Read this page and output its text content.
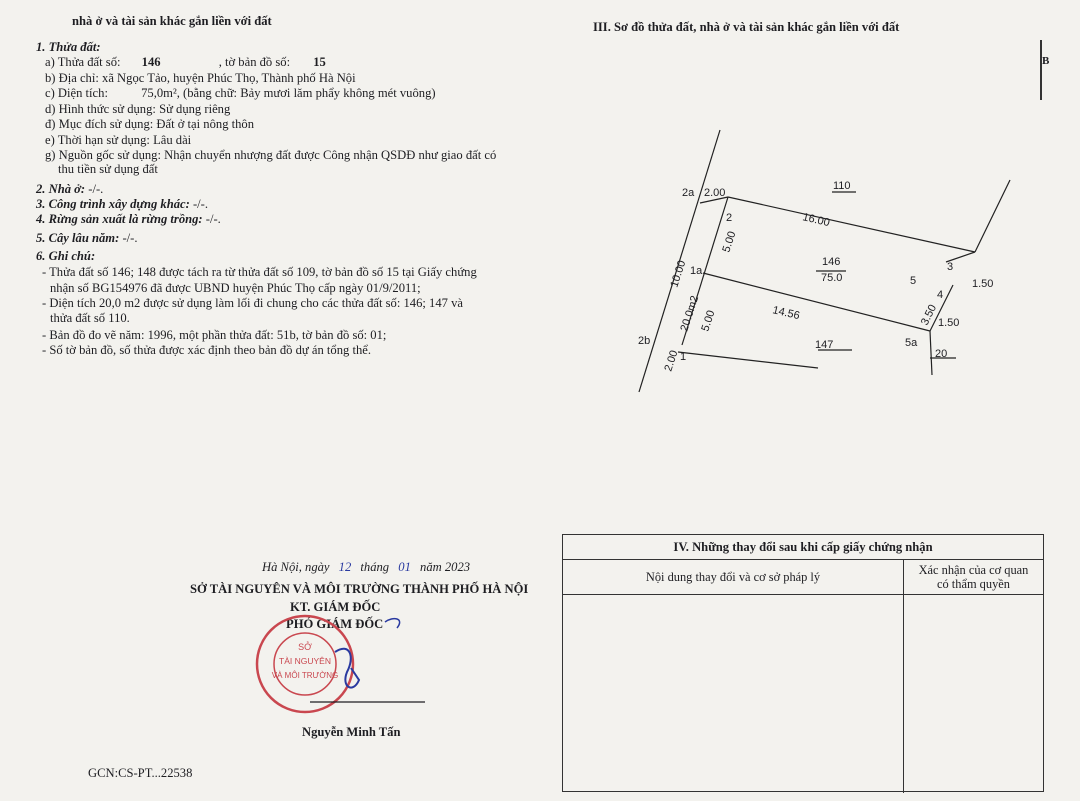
nhà ở và tài sản khác gắn liền với đất
1. Thửa đất:
a) Thửa đất số: 146	, tờ bản đồ số: 15
b) Địa chỉ: xã Ngọc Tảo, huyện Phúc Thọ, Thành phố Hà Nội
c) Diện tích:	75,0m², (bằng chữ: Bảy mươi lăm phẩy không mét vuông)
d) Hình thức sử dụng: Sử dụng riêng
đ) Mục đích sử dụng: Đất ở tại nông thôn
e) Thời hạn sử dụng: Lâu dài
g) Nguồn gốc sử dụng: Nhận chuyển nhượng đất được Công nhận QSDĐ như giao đất có
thu tiền sử dụng đất
2. Nhà ở: -/-.
3. Công trình xây dựng khác: -/-.
4. Rừng sản xuất là rừng trồng: -/-.
5. Cây lâu năm: -/-.
6. Ghi chú:
- Thửa đất số 146; 148 được tách ra từ thửa đất số 109, tờ bản đồ số 15 tại Giấy chứng
nhận số BG154976 đã được UBND huyện Phúc Thọ cấp ngày 01/9/2011;
- Diện tích 20,0 m2 được sử dụng làm lối đi chung cho các thửa đất số: 146; 147 và
thửa đất số 110.
- Bản đồ đo vẽ năm: 1996, một phần thửa đất: 51b, tờ bản đồ số: 01;
- Số tờ bản đồ, số thửa được xác định theo bản đồ dự án tổng thể.
III. Sơ đồ thửa đất, nhà ở và tài sản khác gắn liền với đất
B
110
146
75.0
147
20
2a
2
3
1a
4
5
2b
1
5a
2.00
16.00
5.00
1.50
10.00
20.0m2
5.00	14.56	3.50
1.50
2.00
Hà Nội, ngày 12 tháng 01 năm 2023
SỞ TÀI NGUYÊN VÀ MÔI TRƯỜNG THÀNH PHỐ HÀ NỘI
KT. GIÁM ĐỐC
PHÓ GIÁM ĐỐC
SỞ
TÀI NGUYÊN
VÀ MÔI TRƯỜNG
Nguyễn Minh Tấn
GCN:CS-PT...22538
IV. Những thay đổi sau khi cấp giấy chứng nhận
Nội dung thay đổi và cơ sở pháp lý	Xác nhận của cơ quan
có thẩm quyền
